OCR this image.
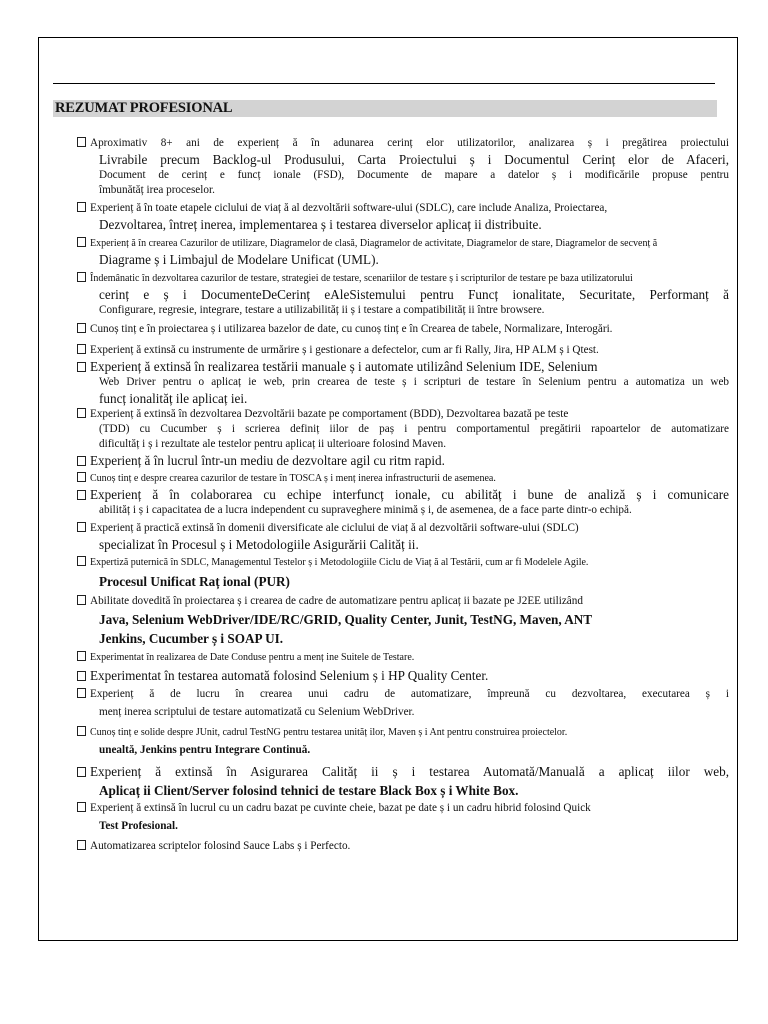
REZUMAT PROFESIONAL
Aproximativ 8+ ani de experienț ă în adunarea cerinț elor utilizatorilor, analizarea ș i pregătirea proiectului
Livrabile precum Backlog-ul Produsului, Carta Proiectului ș i Documentul Cerinț elor de Afaceri,
Document de cerinț e funcț ionale (FSD), Documente de mapare a datelor ș i modificările propuse pentru
îmbunătăț irea proceselor.
Experienț ă în toate etapele ciclului de viaț ă al dezvoltării software-ului (SDLC), care include Analiza, Proiectarea,
Dezvoltarea, întreț inerea, implementarea ș i testarea diverselor aplicaț ii distribuite.
Experienț ă în crearea Cazurilor de utilizare, Diagramelor de clasă, Diagramelor de activitate, Diagramelor de stare, Diagramelor de secvenț ă
Diagrame ș i Limbajul de Modelare Unificat (UML).
Îndemânatic în dezvoltarea cazurilor de testare, strategiei de testare, scenariilor de testare ș i scripturilor de testare pe baza utilizatorului
cerinț e ș i DocumenteDeCerinț eAleSistemului pentru Funcț ionalitate, Securitate, Performanț ă
Configurare, regresie, integrare, testare a utilizabilităț ii ș i testare a compatibilităț ii între browsere.
Cunoș tinț e în proiectarea ș i utilizarea bazelor de date, cu cunoș tinț e în Crearea de tabele, Normalizare, Interogări.
Experienț ă extinsă cu instrumente de urmărire ș i gestionare a defectelor, cum ar fi Rally, Jira, HP ALM ș i Qtest.
Experienț ă extinsă în realizarea testării manuale ș i automate utilizând Selenium IDE, Selenium
Web Driver pentru o aplicaț ie web, prin crearea de teste ș i scripturi de testare în Selenium pentru a automatiza un web
funcț ionalităț ile aplicaț iei.
Experienț ă extinsă în dezvoltarea Dezvoltării bazate pe comportament (BDD), Dezvoltarea bazată pe teste
(TDD) cu Cucumber ș i scrierea definiț iilor de paș i pentru comportamentul pregătirii rapoartelor de automatizare
dificultăț i ș i rezultate ale testelor pentru aplicaț ii ulterioare folosind Maven.
Experienț ă în lucrul într-un mediu de dezvoltare agil cu ritm rapid.
Cunoș tinț e despre crearea cazurilor de testare în TOSCA ș i menț inerea infrastructurii de asemenea.
Experienț ă în colaborarea cu echipe interfuncț ionale, cu abilităț i bune de analiză ș i comunicare
abilităț i ș i capacitatea de a lucra independent cu supraveghere minimă ș i, de asemenea, de a face parte dintr-o echipă.
Experienț ă practică extinsă în domenii diversificate ale ciclului de viaț ă al dezvoltării software-ului (SDLC)
specializat în Procesul ș i Metodologiile Asigurării Calităț ii.
Expertiză puternică în SDLC, Managementul Testelor ș i Metodologiile Ciclu de Viaț ă al Testării, cum ar fi Modelele Agile.
Procesul Unificat Raț ional (PUR)
Abilitate dovedită în proiectarea ș i crearea de cadre de automatizare pentru aplicaț ii bazate pe J2EE utilizând
Java, Selenium WebDriver/IDE/RC/GRID, Quality Center, Junit, TestNG, Maven, ANT
Jenkins, Cucumber ș i SOAP UI.
Experimentat în realizarea de Date Conduse pentru a menț ine Suitele de Testare.
Experimentat în testarea automată folosind Selenium ș i HP Quality Center.
Experienț ă de lucru în crearea unui cadru de automatizare, împreună cu dezvoltarea, executarea ș i
menț inerea scriptului de testare automatizată cu Selenium WebDriver.
Cunoș tinț e solide despre JUnit, cadrul TestNG pentru testarea unităț ilor, Maven ș i Ant pentru construirea proiectelor.
unealtă, Jenkins pentru Integrare Continuă.
Experienț ă extinsă în Asigurarea Calităț ii ș i testarea Automată/Manuală a aplicaț iilor web,
Aplicaț ii Client/Server folosind tehnici de testare Black Box ș i White Box.
Experienț ă extinsă în lucrul cu un cadru bazat pe cuvinte cheie, bazat pe date ș i un cadru hibrid folosind Quick
Test Profesional.
Automatizarea scriptelor folosind Sauce Labs ș i Perfecto.
